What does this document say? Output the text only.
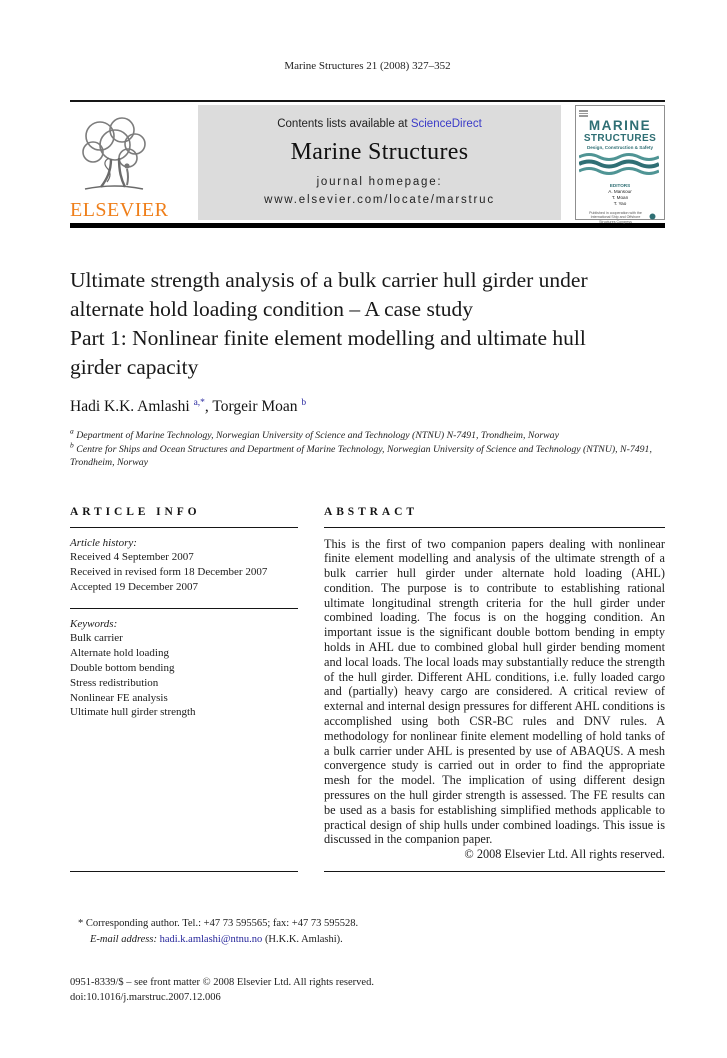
Marine Structures 21 (2008) 327–352
ELSEVIER
Contents lists available at ScienceDirect
Marine Structures
journal homepage: www.elsevier.com/locate/marstruc
MARINE
STRUCTURES
Design, Construction & Safety
EDITORS
A. Mansour
T. Moan
T. Yao
Published in cooperation with the International Ship and Offshore Structures Congress
Ultimate strength analysis of a bulk carrier hull girder under alternate hold loading condition – A case study
Part 1: Nonlinear finite element modelling and ultimate hull girder capacity
Hadi K.K. Amlashi $^{a,*}$, Torgeir Moan $^b$
$^a$ Department of Marine Technology, Norwegian University of Science and Technology (NTNU) N-7491, Trondheim, Norway
$^b$ Centre for Ships and Ocean Structures and Department of Marine Technology, Norwegian University of Science and Technology (NTNU), N-7491, Trondheim, Norway
ARTICLE INFO
Article history:
Received 4 September 2007
Received in revised form 18 December 2007
Accepted 19 December 2007
Keywords:
Bulk carrier
Alternate hold loading
Double bottom bending
Stress redistribution
Nonlinear FE analysis
Ultimate hull girder strength
ABSTRACT
This is the first of two companion papers dealing with nonlinear finite element modelling and analysis of the ultimate strength of a bulk carrier hull girder under alternate hold loading (AHL) condition. The purpose is to contribute to establishing rational ultimate longitudinal strength criteria for the hull girder under combined loading. The focus is on the hogging condition. An important issue is the significant double bottom bending in empty holds in AHL due to combined global hull girder bending moment and local loads. The local loads may substantially reduce the strength of the hull girder. Different AHL conditions, i.e. fully loaded cargo and (partially) heavy cargo are considered. A critical review of external and internal design pressures for different AHL conditions is accomplished using both CSR-BC rules and DNV rules. A methodology for nonlinear finite element modelling of hold tanks of a bulk carrier under AHL is presented by use of ABAQUS. A mesh convergence study is carried out in order to find the appropriate mesh for the model. The implication of using different design pressures on the hull girder strength is assessed. The FE results can be used as a basis for establishing simplified methods applicable to practical design of ship hulls under combined loadings. This issue is discussed in the companion paper.
© 2008 Elsevier Ltd. All rights reserved.
* Corresponding author. Tel.: +47 73 595565; fax: +47 73 595528.
E-mail address: hadi.k.amlashi@ntnu.no (H.K.K. Amlashi).
0951-8339/$ – see front matter © 2008 Elsevier Ltd. All rights reserved.
doi:10.1016/j.marstruc.2007.12.006
